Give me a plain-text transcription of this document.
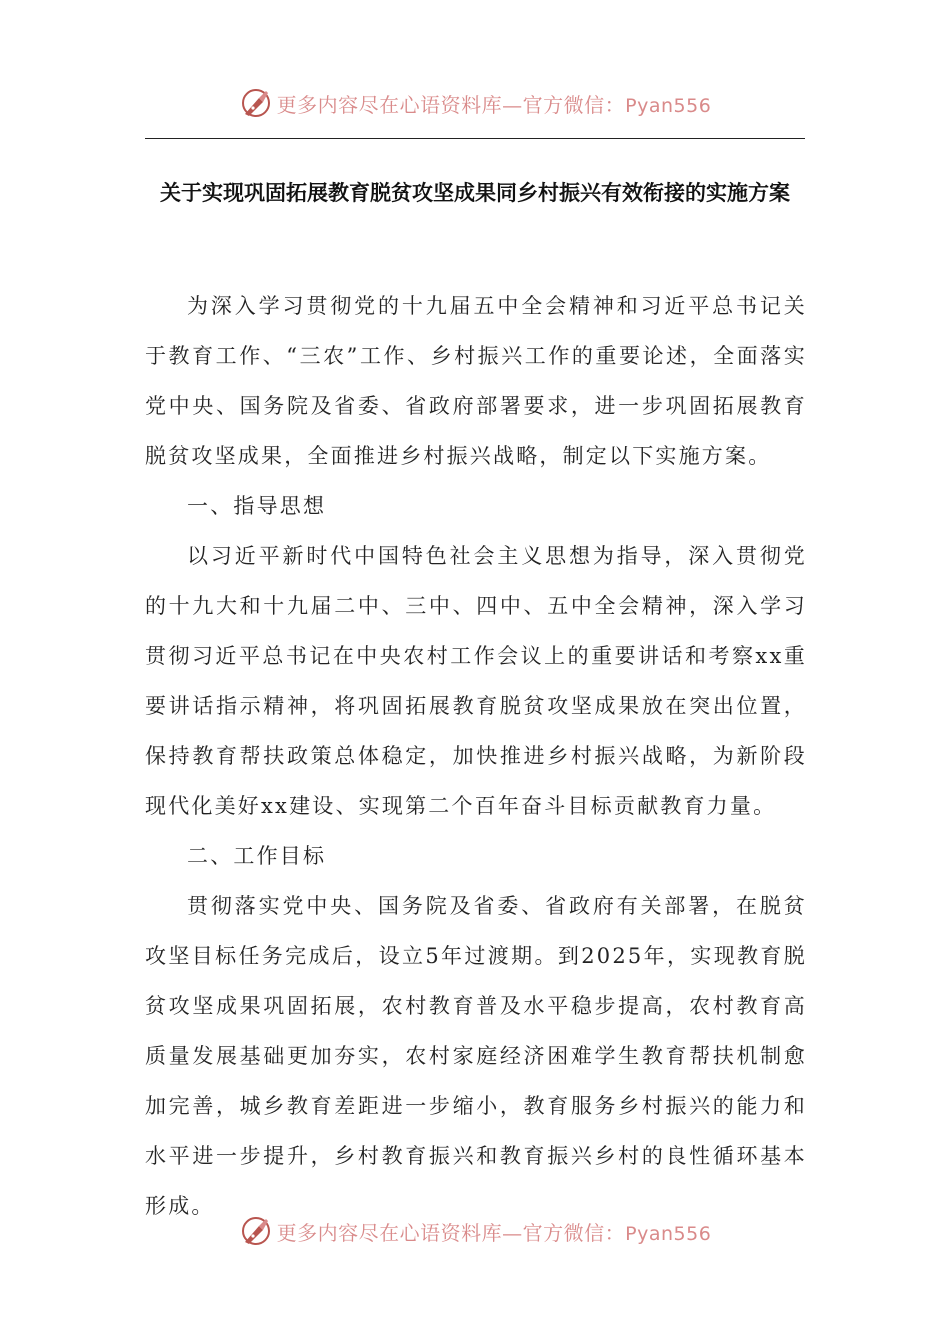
更多内容尽在心语资料库—官方微信：Pyan556
关于实现巩固拓展教育脱贫攻坚成果同乡村振兴有效衔接的实施方案

为深入学习贯彻党的十九届五中全会精神和习近平总书记关于教育工作、“三农”工作、乡村振兴工作的重要论述，全面落实党中央、国务院及省委、省政府部署要求，进一步巩固拓展教育脱贫攻坚成果，全面推进乡村振兴战略，制定以下实施方案。

一、指导思想

以习近平新时代中国特色社会主义思想为指导，深入贯彻党的十九大和十九届二中、三中、四中、五中全会精神，深入学习贯彻习近平总书记在中央农村工作会议上的重要讲话和考察xx重要讲话指示精神，将巩固拓展教育脱贫攻坚成果放在突出位置，保持教育帮扶政策总体稳定，加快推进乡村振兴战略，为新阶段现代化美好xx建设、实现第二个百年奋斗目标贡献教育力量。

二、工作目标

贯彻落实党中央、国务院及省委、省政府有关部署，在脱贫攻坚目标任务完成后，设立5年过渡期。到2025年，实现教育脱贫攻坚成果巩固拓展，农村教育普及水平稳步提高，农村教育高质量发展基础更加夯实，农村家庭经济困难学生教育帮扶机制愈加完善，城乡教育差距进一步缩小，教育服务乡村振兴的能力和水平进一步提升，乡村教育振兴和教育振兴乡村的良性循环基本形成。

更多内容尽在心语资料库—官方微信：Pyan556
